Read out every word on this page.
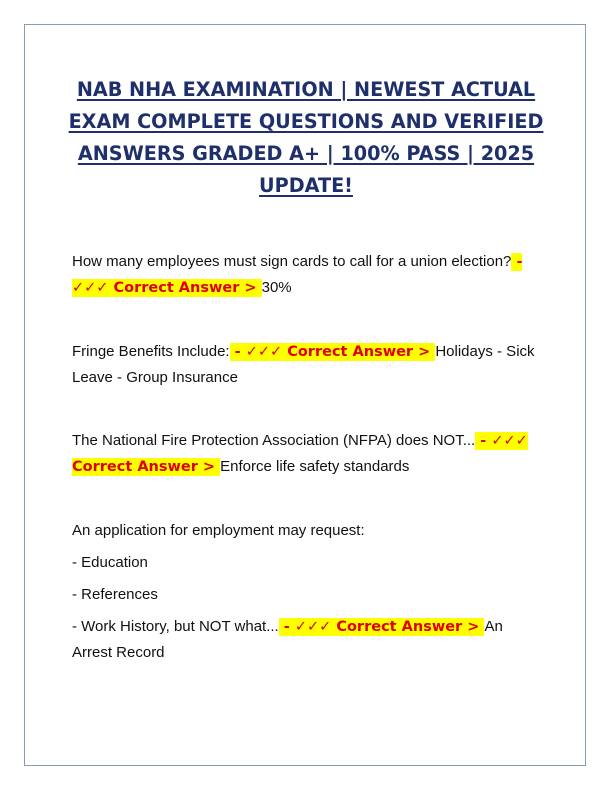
NAB NHA EXAMINATION | NEWEST ACTUAL EXAM COMPLETE QUESTIONS AND VERIFIED ANSWERS GRADED A+ | 100% PASS | 2025 UPDATE!

How many employees must sign cards to call for a union election? - ✓✓✓ Correct Answer > 30%

Fringe Benefits Include: - ✓✓✓ Correct Answer > Holidays - Sick Leave - Group Insurance

The National Fire Protection Association (NFPA) does NOT... - ✓✓✓ Correct Answer > Enforce life safety standards

An application for employment may request:

- Education

- References

- Work History, but NOT what... - ✓✓✓ Correct Answer > An Arrest Record
